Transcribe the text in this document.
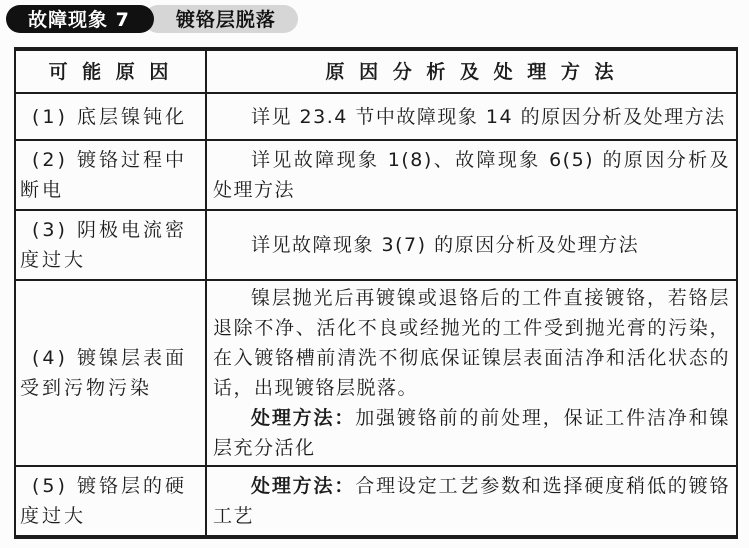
故障现象 7	镀铬层脱落
可 能 原 因	原 因 分 析 及 处 理 方 法

(1) 底层镍钝化	详见 23.4 节中故障现象 14 的原因分析及处理方法

(2) 镀铬过程中断电	详见故障现象 1(8)、故障现象 6(5) 的原因分析及处理方法

(3) 阴极电流密度过大	详见故障现象 3(7) 的原因分析及处理方法

(4) 镀镍层表面受到污物污染	镍层抛光后再镀镍或退铬后的工件直接镀铬，若铬层退除不净、活化不良或经抛光的工件受到抛光膏的污染，在入镀铬槽前清洗不彻底保证镍层表面洁净和活化状态的话，出现镀铬层脱落。
处理方法：加强镀铬前的前处理，保证工件洁净和镍层充分活化

(5) 镀铬层的硬度过大	处理方法：合理设定工艺参数和选择硬度稍低的镀铬工艺
